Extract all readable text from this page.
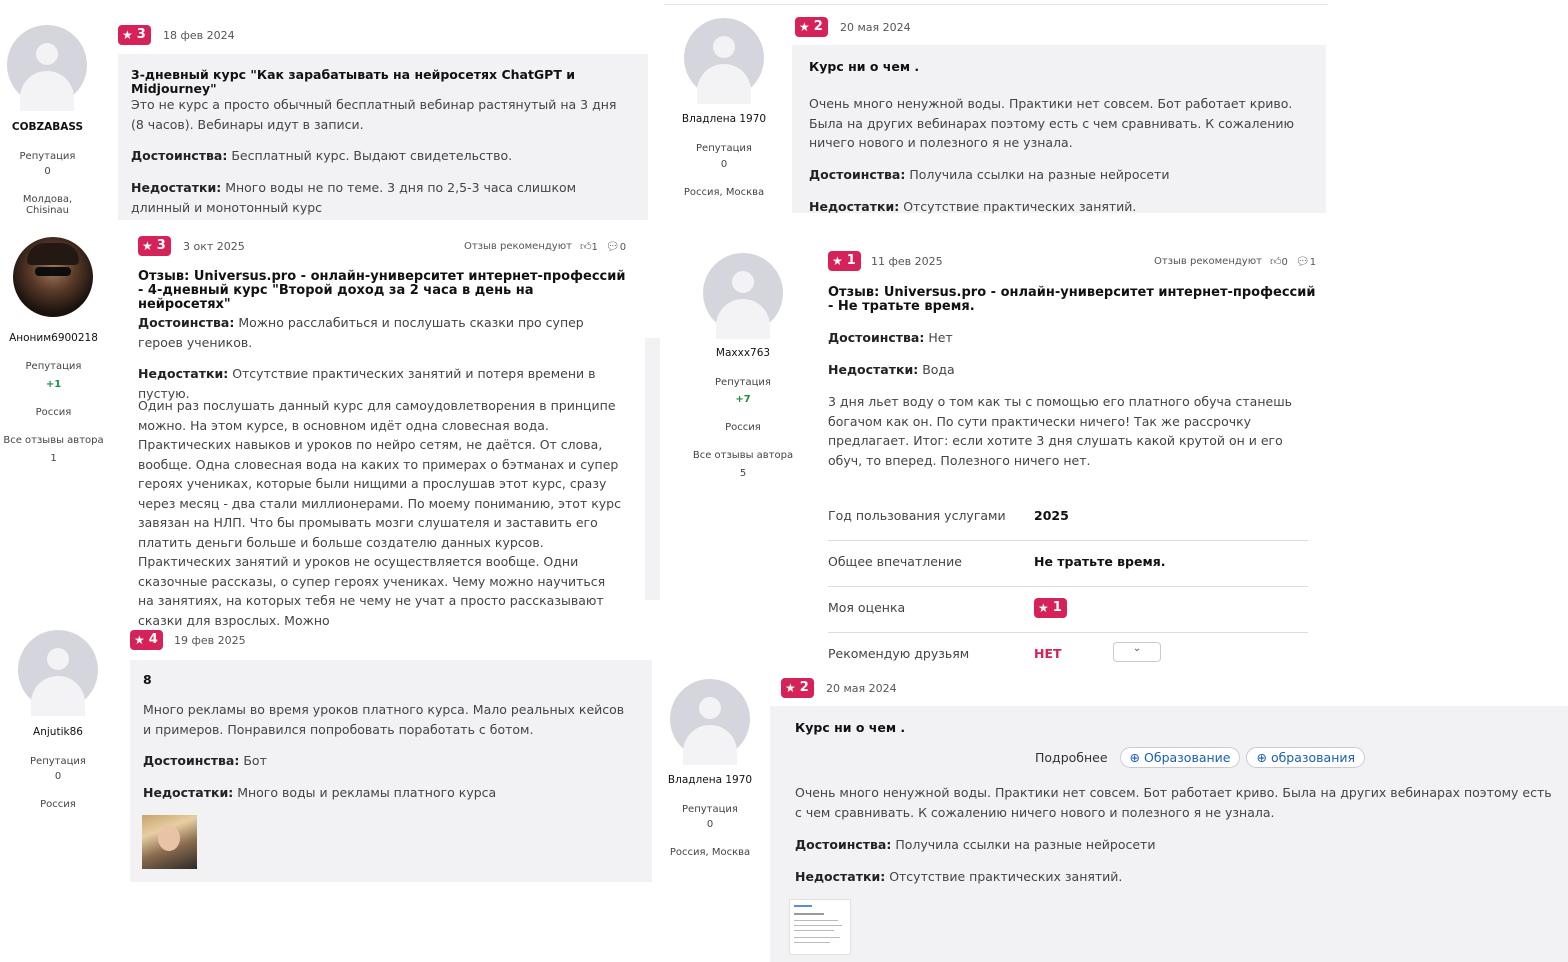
COBZABASS
Репутация
0
Молдова, Chisinau
★ 3 18 фев 2024
3-дневный курс "Как зарабатывать на нейросетях ChatGPT и Midjourney"
Это не курс а просто обычный бесплатный вебинар растянутый на 3 дня (8 часов). Вебинары идут в записи.
Достоинства: Бесплатный курс. Выдают свидетельство.
Недостатки: Много воды не по теме. 3 дня по 2,5-3 часа слишком длинный и монотонный курс
Владлена 1970
Репутация
0
Россия, Москва
★ 2 20 мая 2024
Курс ни о чем .
Очень много ненужной воды. Практики нет совсем. Бот работает криво. Была на других вебинарах поэтому есть с чем сравнивать. К сожалению ничего нового и полезного я не узнала.
Достоинства: Получила ссылки на разные нейросети
Недостатки: Отсутствие практических занятий.
Аноним6900218
Репутация
+1
Россия
Все отзывы автора
1
★ 3 3 окт 2025	Отзыв рекомендуют 👍︎1 💬︎0
Отзыв: Universus.pro - онлайн-университет интернет-профессий - 4-дневный курс "Второй доход за 2 часа в день на нейросетях"
Достоинства: Можно расслабиться и послушать сказки про супер героев учеников.
Недостатки: Отсутствие практических занятий и потеря времени в пустую.
Один раз послушать данный курс для самоудовлетворения в принципе можно. На этом курсе, в основном идёт одна словесная вода. Практических навыков и уроков по нейро сетям, не даётся. От слова, вообще. Одна словесная вода на каких то примерах о бэтманах и супер героях учениках, которые были нищими а прослушав этот курс, сразу через месяц - два стали миллионерами. По моему пониманию, этот курс завязан на НЛП. Что бы промывать мозги слушателя и заставить его платить деньги больше и больше создателю данных курсов. Практических занятий и уроков не осуществляется вообще. Одни сказочные рассказы, о супер героях учениках. Чему можно научиться на занятиях, на которых тебя не чему не учат а просто рассказывают сказки для взрослых. Можно
Maxxx763
Репутация
+7
Россия
Все отзывы автора
5
★ 1 11 фев 2025	Отзыв рекомендуют 👍︎0 💬︎1
Отзыв: Universus.pro - онлайн-университет интернет-профессий - Не тратьте время.
Достоинства: Нет
Недостатки: Вода
3 дня льет воду о том как ты с помощью его платного обуча станешь богачом как он. По сути практически ничего! Так же рассрочку предлагает. Итог: если хотите 3 дня слушать какой крутой он и его обуч, то вперед. Полезного ничего нет.
Год пользования услугами 2025
Общее впечатление	Не тратьте время.
Моя оценка	★ 1
Рекомендую друзьям	НЕТ	⌄
Anjutik86
Репутация
0
Россия
★ 4 19 фев 2025
8
Много рекламы во время уроков платного курса. Мало реальных кейсов и примеров. Понравился попробовать поработать с ботом.
Достоинства: Бот
Недостатки: Много воды и рекламы платного курса
Владлена 1970
Репутация
0
Россия, Москва
★ 2 20 мая 2024
Курс ни о чем .
Подробнее	⊕ Образование	⊕ образования
Очень много ненужной воды. Практики нет совсем. Бот работает криво. Была на других вебинарах поэтому есть с чем сравнивать. К сожалению ничего нового и полезного я не узнала.
Достоинства: Получила ссылки на разные нейросети
Недостатки: Отсутствие практических занятий.
